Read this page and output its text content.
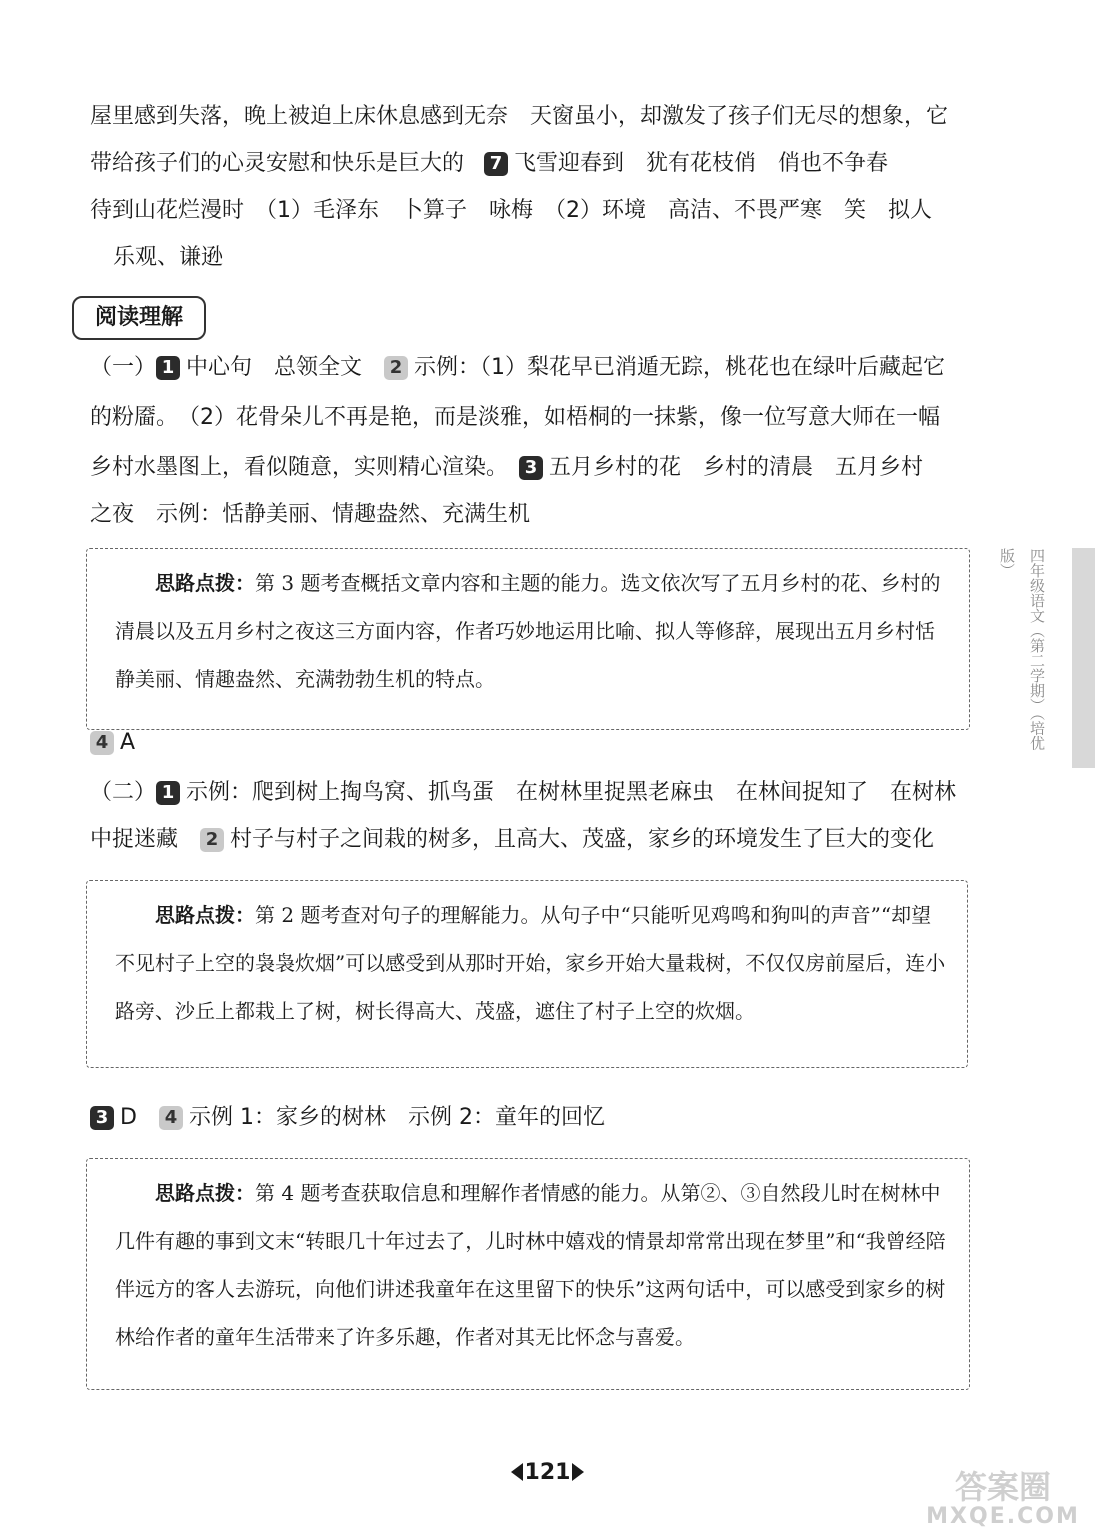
屋里感到失落，晚上被迫上床休息感到无奈　天窗虽小，却激发了孩子们无尽的想象，它
带给孩子们的心灵安慰和快乐是巨大的 7 飞雪迎春到　犹有花枝俏　俏也不争春
待到山花烂漫时　（1）毛泽东　卜算子　咏梅　（2）环境　高洁、不畏严寒　笑　拟人
乐观、谦逊
阅读理解
（一） 1 中心句　总领全文　 2 示例：（1）梨花早已消遁无踪，桃花也在绿叶后藏起它
的粉靥。　（2）花骨朵儿不再是艳，而是淡雅，如梧桐的一抹紫，像一位写意大师在一幅
乡村水墨图上，看似随意，实则精心渲染。　 3 五月乡村的花　乡村的清晨　五月乡村
之夜　示例：恬静美丽、情趣盎然、充满生机

思路点拨：第 3 题考查概括文章内容和主题的能力。选文依次写了五月乡村的花、乡村的清晨以及五月乡村之夜这三方面内容，作者巧妙地运用比喻、拟人等修辞，展现出五月乡村恬静美丽、情趣盎然、充满勃勃生机的特点。

4 A
（二） 1 示例：爬到树上掏鸟窝、抓鸟蛋　在树林里捉黑老麻虫　在林间捉知了　在树林
中捉迷藏　 2 村子与村子之间栽的树多，且高大、茂盛，家乡的环境发生了巨大的变化

思路点拨：第 2 题考查对句子的理解能力。从句子中“只能听见鸡鸣和狗叫的声音”“却望不见村子上空的袅袅炊烟”可以感受到从那时开始，家乡开始大量栽树，不仅仅房前屋后，连小路旁、沙丘上都栽上了树，树长得高大、茂盛，遮住了村子上空的炊烟。

3 D　 4 示例 1：家乡的树林　示例 2：童年的回忆

思路点拨：第 4 题考查获取信息和理解作者情感的能力。从第②、③自然段儿时在树林中几件有趣的事到文末“转眼几十年过去了，儿时林中嬉戏的情景却常常出现在梦里”和“我曾经陪伴远方的客人去游玩，向他们讲述我童年在这里留下的快乐”这两句话中，可以感受到家乡的树林给作者的童年生活带来了许多乐趣，作者对其无比怀念与喜爱。

四年级语文（第二学期）（培优版）
121	答案圈
MXQE.COM
